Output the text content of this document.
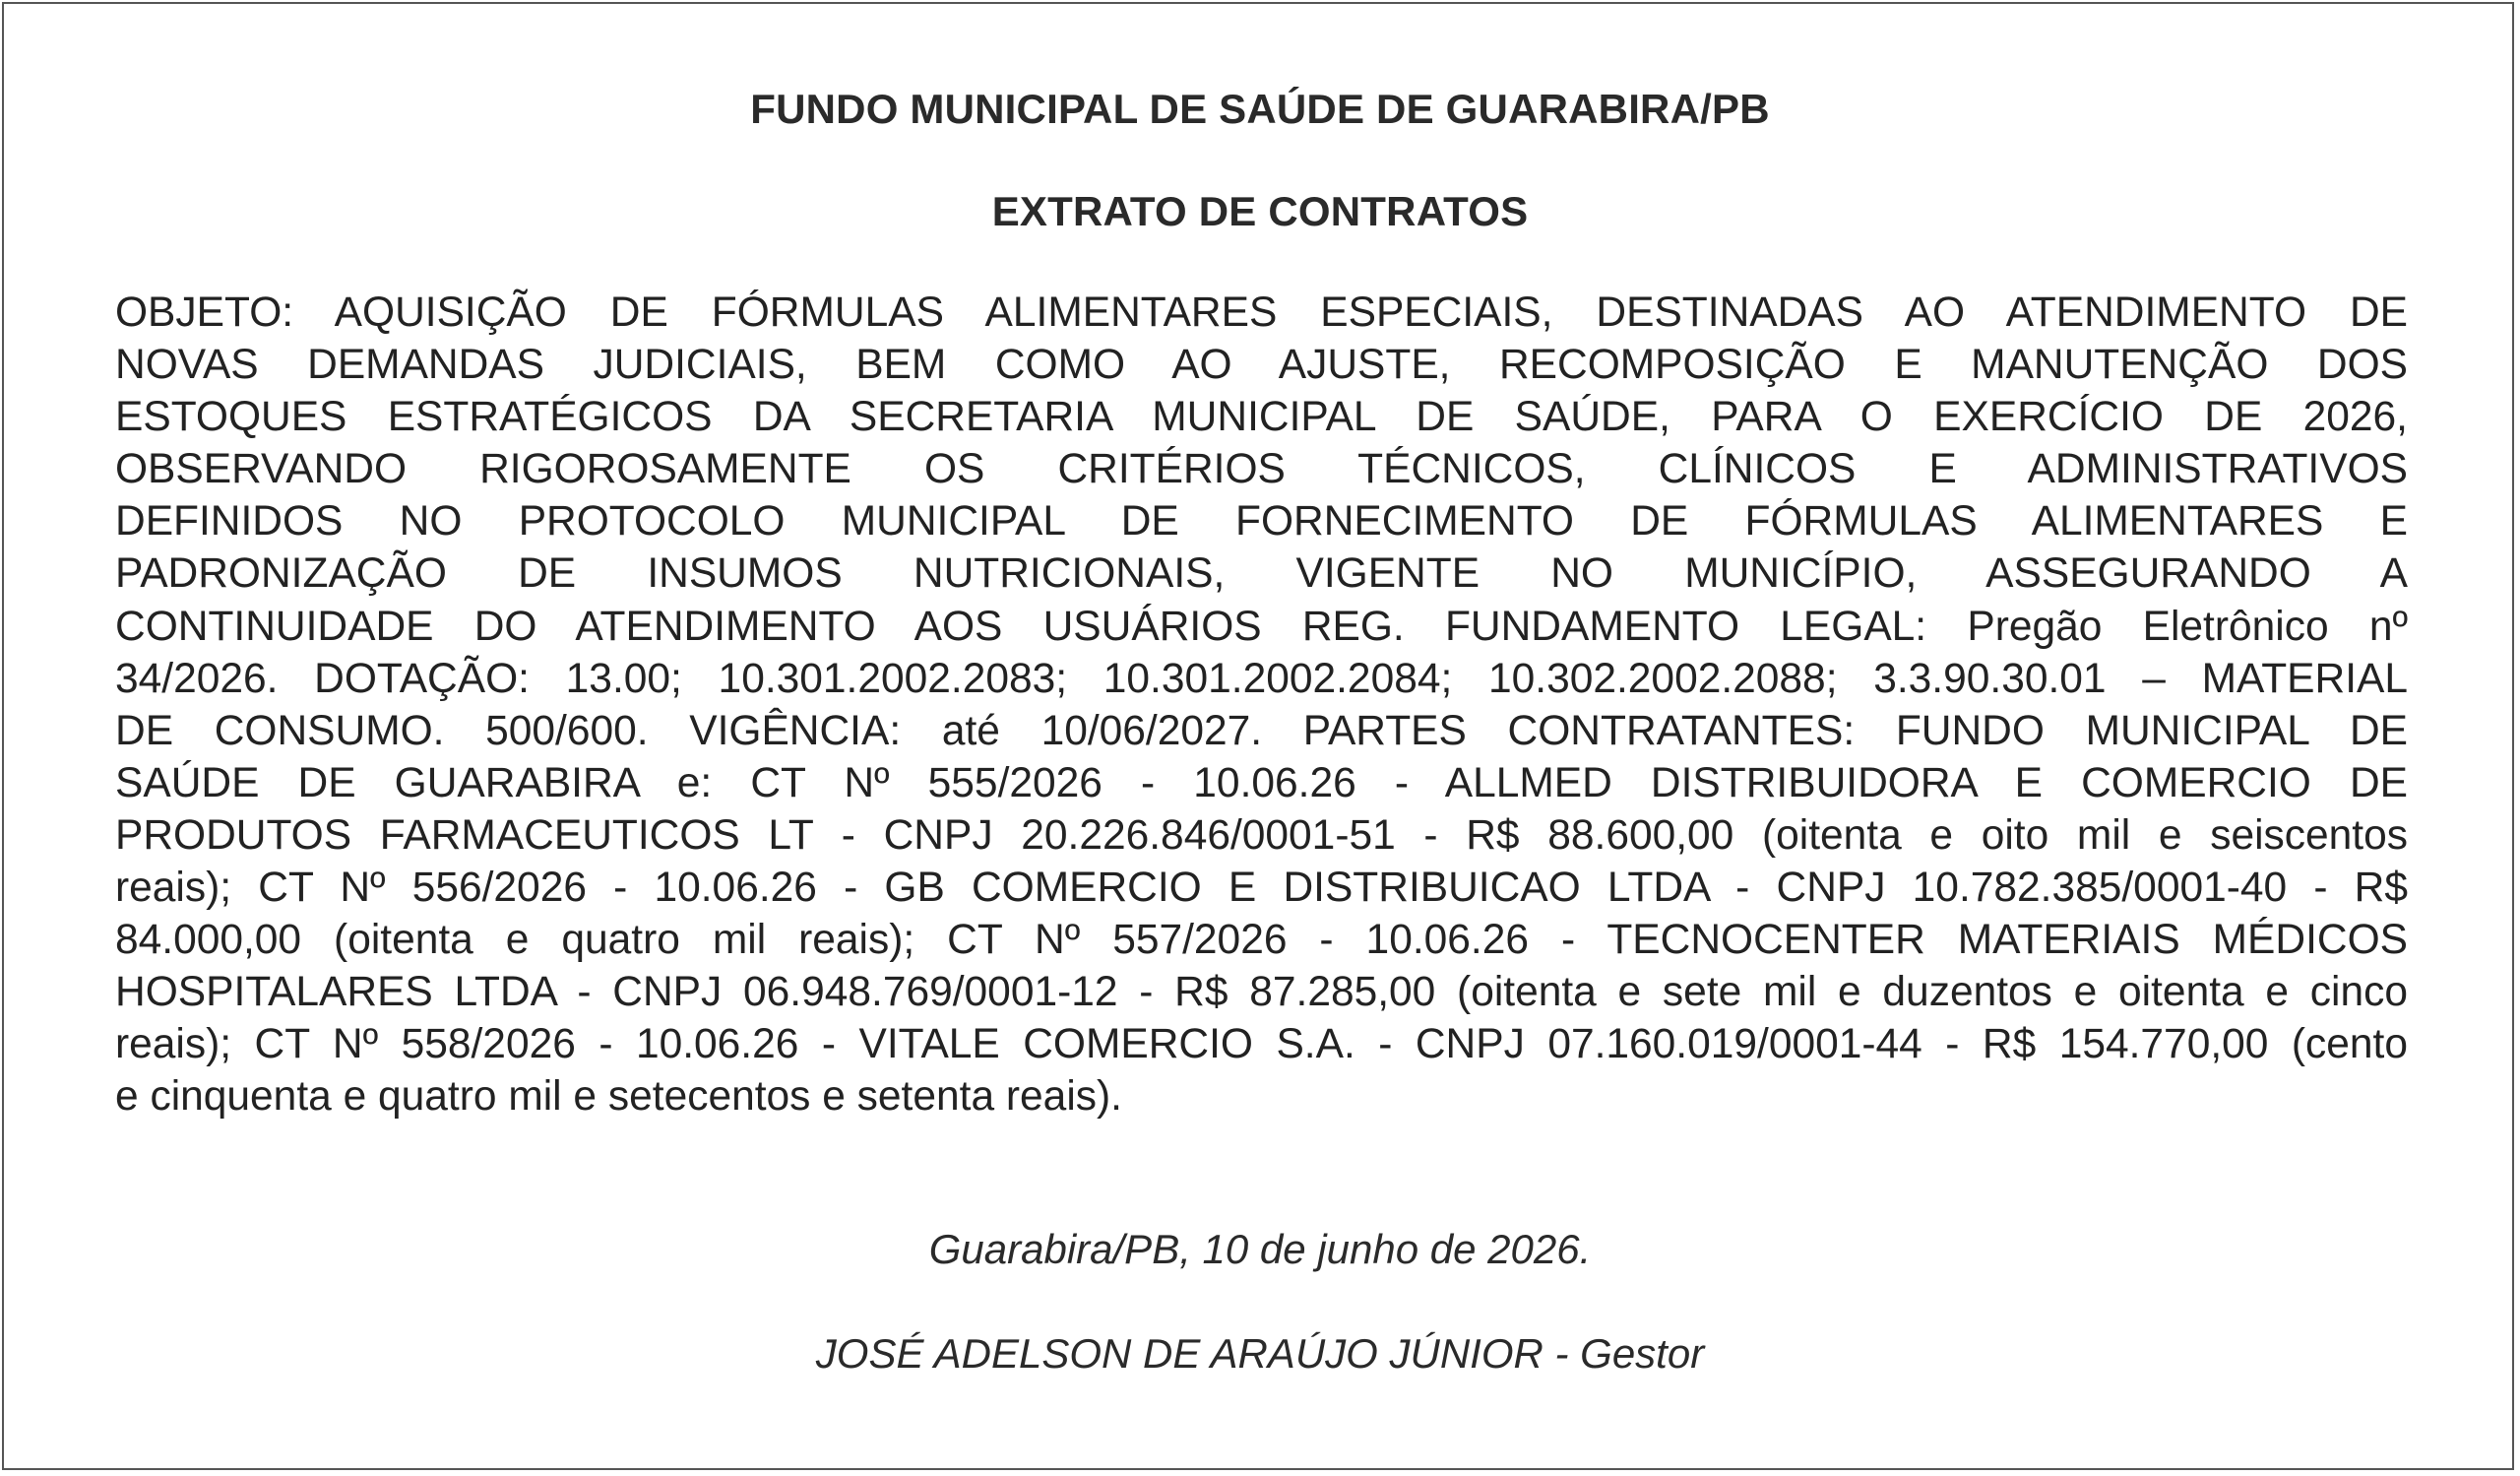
FUNDO MUNICIPAL DE SAÚDE DE GUARABIRA/PB
EXTRATO DE CONTRATOS
OBJETO: AQUISIÇÃO DE FÓRMULAS ALIMENTARES ESPECIAIS, DESTINADAS AO ATENDIMENTO DE
NOVAS DEMANDAS JUDICIAIS, BEM COMO AO AJUSTE, RECOMPOSIÇÃO E MANUTENÇÃO DOS
ESTOQUES ESTRATÉGICOS DA SECRETARIA MUNICIPAL DE SAÚDE, PARA O EXERCÍCIO DE 2026,
OBSERVANDO RIGOROSAMENTE OS CRITÉRIOS TÉCNICOS, CLÍNICOS E ADMINISTRATIVOS
DEFINIDOS NO PROTOCOLO MUNICIPAL DE FORNECIMENTO DE FÓRMULAS ALIMENTARES E
PADRONIZAÇÃO DE INSUMOS NUTRICIONAIS, VIGENTE NO MUNICÍPIO, ASSEGURANDO A
CONTINUIDADE DO ATENDIMENTO AOS USUÁRIOS REG. FUNDAMENTO LEGAL: Pregão Eletrônico nº
34/2026. DOTAÇÃO: 13.00; 10.301.2002.2083; 10.301.2002.2084; 10.302.2002.2088; 3.3.90.30.01 – MATERIAL
DE CONSUMO. 500/600. VIGÊNCIA: até 10/06/2027. PARTES CONTRATANTES: FUNDO MUNICIPAL DE
SAÚDE DE GUARABIRA e: CT Nº 555/2026 - 10.06.26 - ALLMED DISTRIBUIDORA E COMERCIO DE
PRODUTOS FARMACEUTICOS LT - CNPJ 20.226.846/0001-51 - R$ 88.600,00 (oitenta e oito mil e seiscentos
reais); CT Nº 556/2026 - 10.06.26 - GB COMERCIO E DISTRIBUICAO LTDA - CNPJ 10.782.385/0001-40 - R$
84.000,00 (oitenta e quatro mil reais); CT Nº 557/2026 - 10.06.26 - TECNOCENTER MATERIAIS MÉDICOS
HOSPITALARES LTDA - CNPJ 06.948.769/0001-12 - R$ 87.285,00 (oitenta e sete mil e duzentos e oitenta e cinco
reais); CT Nº 558/2026 - 10.06.26 - VITALE COMERCIO S.A. - CNPJ 07.160.019/0001-44 - R$ 154.770,00 (cento
e cinquenta e quatro mil e setecentos e setenta reais).
Guarabira/PB, 10 de junho de 2026.
JOSÉ ADELSON DE ARAÚJO JÚNIOR - Gestor
